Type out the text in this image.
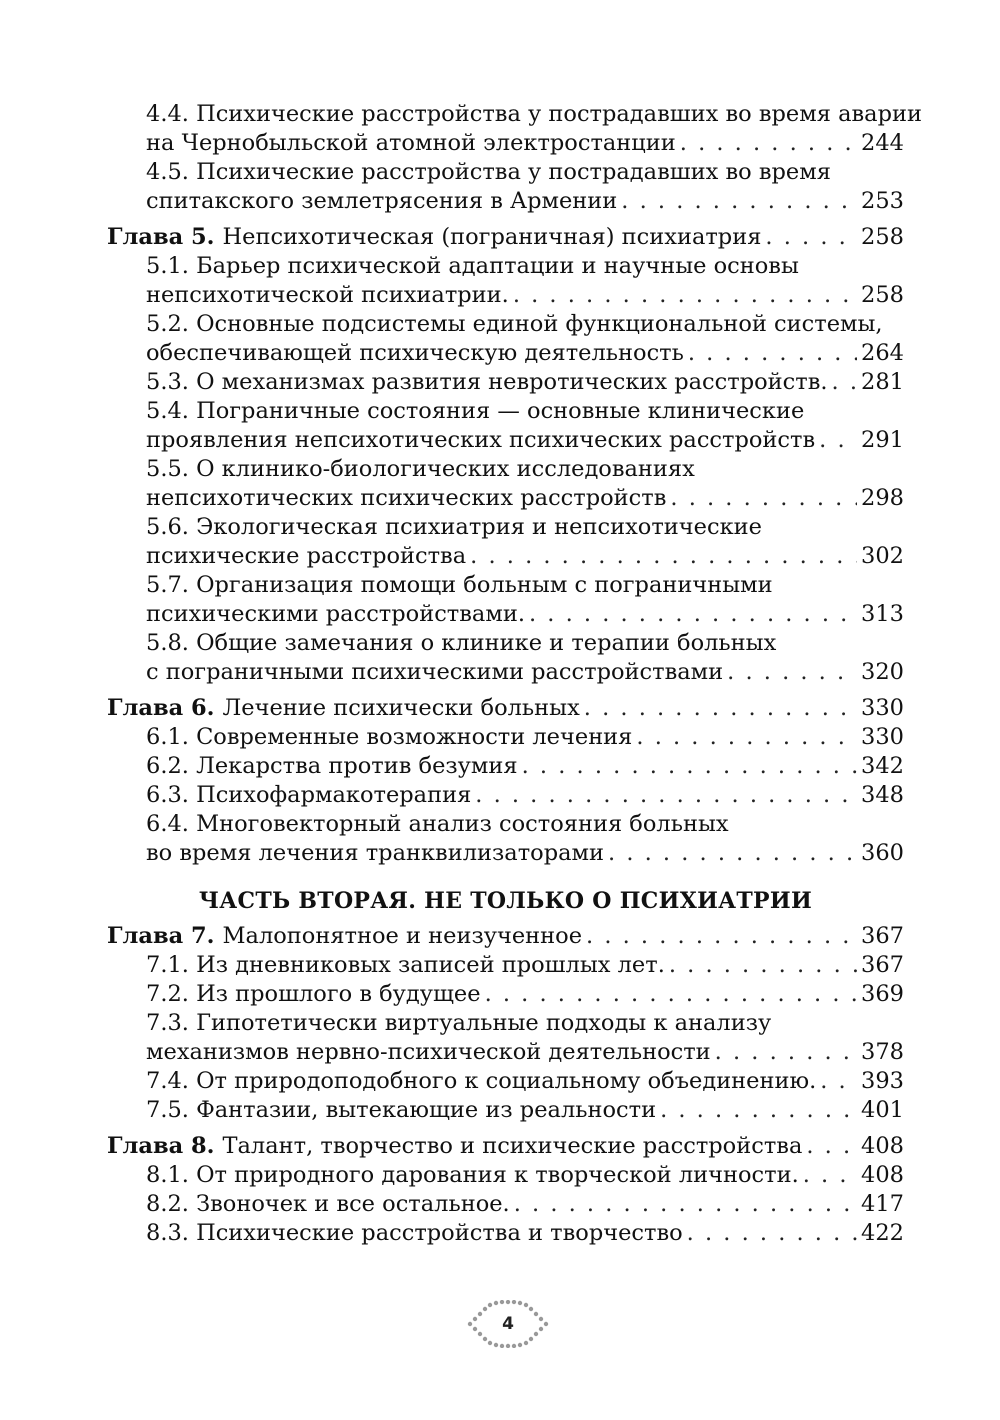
4.4. Психические расстройства у пострадавших во время аварии
на Чернобыльской атомной электростанции . . .	244
4.5. Психические расстройства у пострадавших во время
спитакского землетрясения в Армении . . .	253
Глава 5. Непсихотическая (пограничная) психиатрия . . .	258
5.1. Барьер психической адаптации и научные основы
непсихотической психиатрии. . . .	258
5.2. Основные подсистемы единой функциональной системы,
обеспечивающей психическую деятельность . . .	264
5.3. О механизмах развития невротических расстройств. . . . 281
5.4. Пограничные состояния — основные клинические
проявления непсихотических психических расстройств . . . 291
5.5. О клинико-биологических исследованиях
непсихотических психических расстройств . . .	298
5.6. Экологическая психиатрия и непсихотические
психические расстройства . . .	302
5.7. Организация помощи больным с пограничными
психическими расстройствами. . . .	313
5.8. Общие замечания о клинике и терапии больных
с пограничными психическими расстройствами . . .	320
Глава 6. Лечение психически больных . . .	330
6.1. Современные возможности лечения . . .	330
6.2. Лекарства против безумия . . .	342
6.3. Психофармакотерапия . . .	348
6.4. Многовекторный анализ состояния больных
во время лечения транквилизаторами . . .	360
ЧАСТЬ ВТОРАЯ. НЕ ТОЛЬКО О ПСИХИАТРИИ
Глава 7. Малопонятное и неизученное . . .	367
7.1. Из дневниковых записей прошлых лет. . . .	367
7.2. Из прошлого в будущее . . .	369
7.3. Гипотетически виртуальные подходы к анализу
механизмов нервно-психической деятельности . . .	378
7.4. От природоподобного к социальному объединению. . . . 393
7.5. Фантазии, вытекающие из реальности . . .	401
Глава 8. Талант, творчество и психические расстройства . . .	408
8.1. От природного дарования к творческой личности. . . .	408
8.2. Звоночек и все остальное. . . .	417
8.3. Психические расстройства и творчество . . .	422
4
